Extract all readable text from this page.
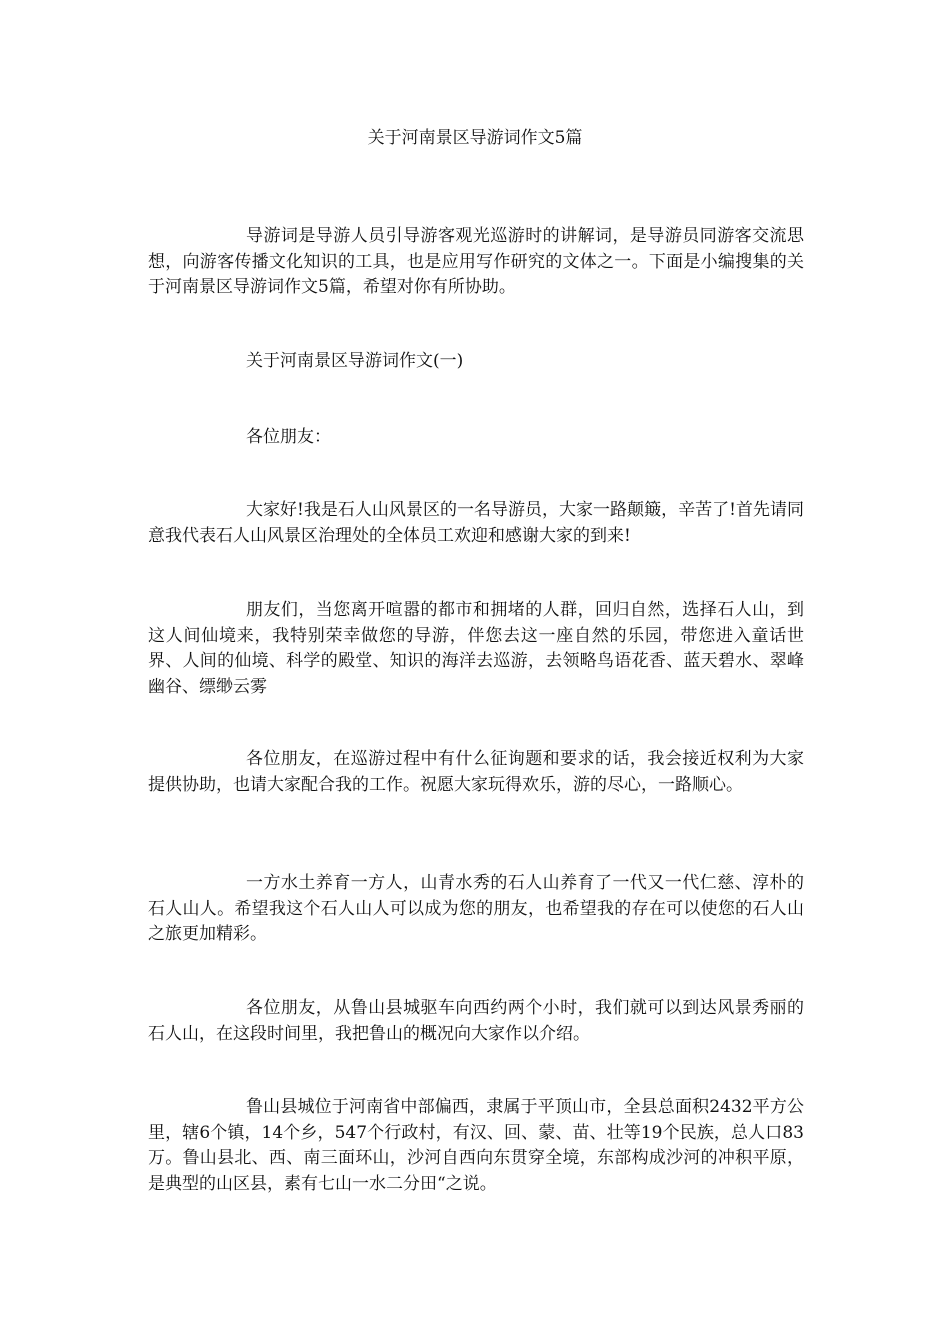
关于河南景区导游词作文5篇

导游词是导游人员引导游客观光巡游时的讲解词，是导游员同游客交流思想，向游客传播文化知识的工具，也是应用写作研究的文体之一。下面是小编搜集的关于河南景区导游词作文5篇，希望对你有所协助。

关于河南景区导游词作文(一)

各位朋友：

大家好!我是石人山风景区的一名导游员，大家一路颠簸，辛苦了!首先请同意我代表石人山风景区治理处的全体员工欢迎和感谢大家的到来!

朋友们，当您离开喧嚣的都市和拥堵的人群，回归自然，选择石人山，到这人间仙境来，我特别荣幸做您的导游，伴您去这一座自然的乐园，带您进入童话世界、人间的仙境、科学的殿堂、知识的海洋去巡游，去领略鸟语花香、蓝天碧水、翠峰幽谷、缥缈云雾

各位朋友，在巡游过程中有什么征询题和要求的话，我会接近权利为大家提供协助，也请大家配合我的工作。祝愿大家玩得欢乐，游的尽心，一路顺心。

一方水土养育一方人，山青水秀的石人山养育了一代又一代仁慈、淳朴的石人山人。希望我这个石人山人可以成为您的朋友，也希望我的存在可以使您的石人山之旅更加精彩。

各位朋友，从鲁山县城驱车向西约两个小时，我们就可以到达风景秀丽的石人山，在这段时间里，我把鲁山的概况向大家作以介绍。

鲁山县城位于河南省中部偏西，隶属于平顶山市，全县总面积2432平方公里，辖6个镇，14个乡，547个行政村，有汉、回、蒙、苗、壮等19个民族，总人口83万。鲁山县北、西、南三面环山，沙河自西向东贯穿全境，东部构成沙河的冲积平原，是典型的山区县，素有七山一水二分田“之说。
